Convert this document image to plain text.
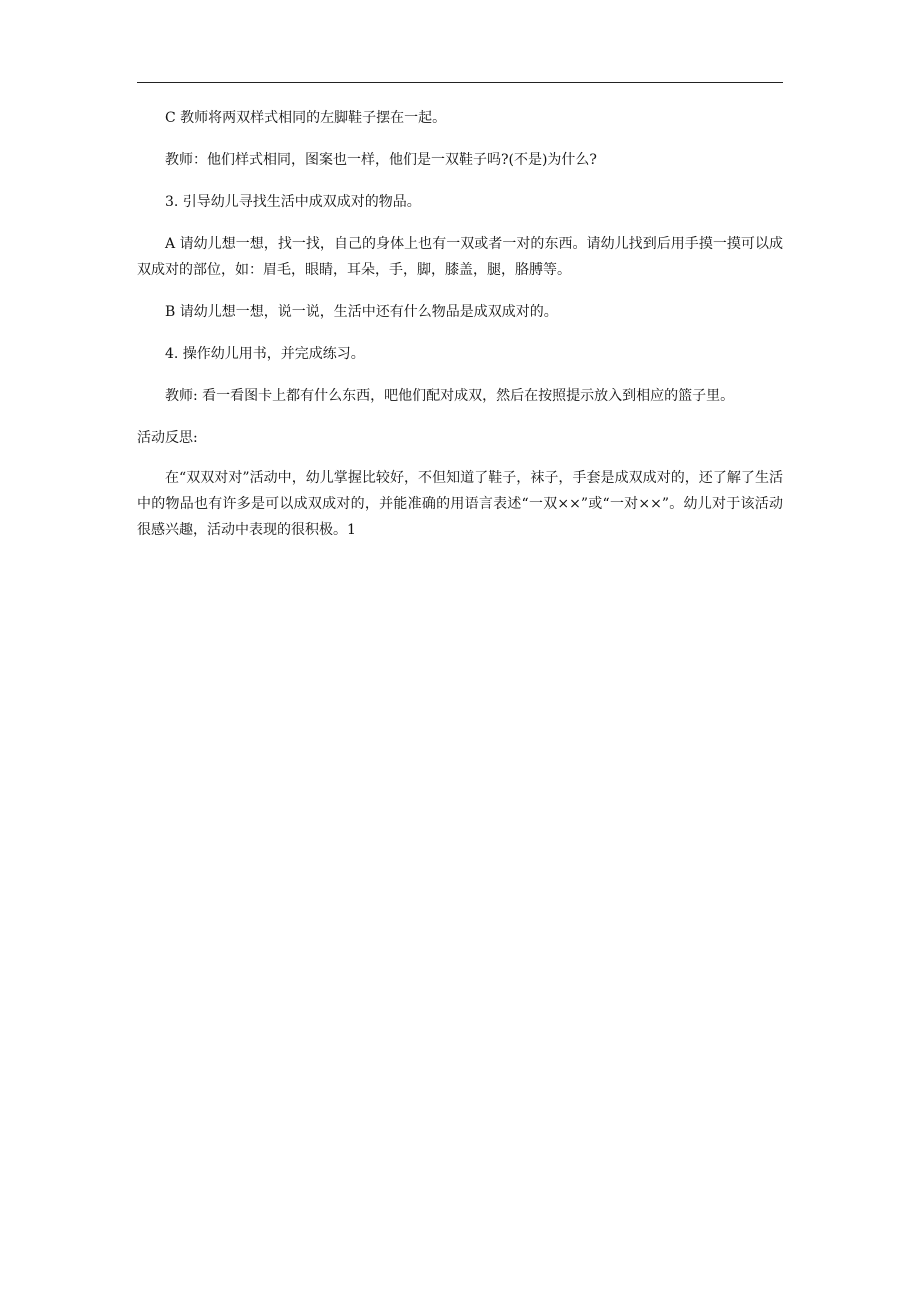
C 教师将两双样式相同的左脚鞋子摆在一起。

教师：他们样式相同，图案也一样，他们是一双鞋子吗?(不是)为什么?

3. 引导幼儿寻找生活中成双成对的物品。

A 请幼儿想一想，找一找，自己的身体上也有一双或者一对的东西。请幼儿找到后用手摸一摸可以成双成对的部位，如：眉毛，眼睛，耳朵，手，脚，膝盖，腿，胳膊等。

B 请幼儿想一想，说一说，生活中还有什么物品是成双成对的。

4. 操作幼儿用书，并完成练习。

教师: 看一看图卡上都有什么东西，吧他们配对成双，然后在按照提示放入到相应的篮子里。

活动反思:

在“双双对对”活动中，幼儿掌握比较好，不但知道了鞋子，袜子，手套是成双成对的，还了解了生活中的物品也有许多是可以成双成对的，并能准确的用语言表述“一双××”或“一对××”。幼儿对于该活动很感兴趣，活动中表现的很积极。1
